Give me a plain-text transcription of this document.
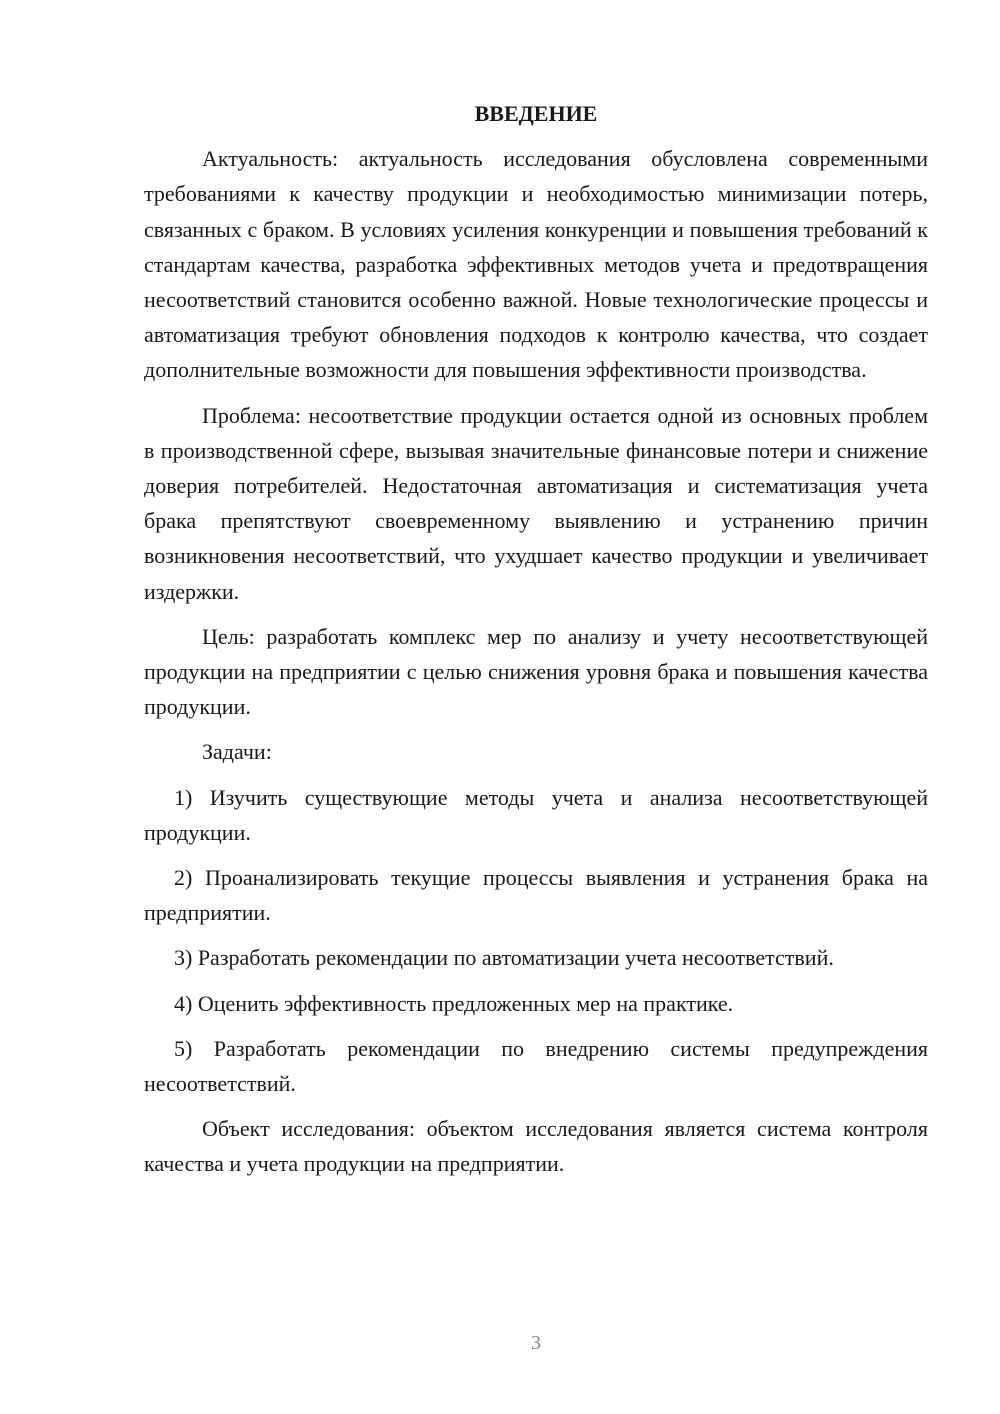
ВВЕДЕНИЕ

Актуальность: актуальность исследования обусловлена современными требованиями к качеству продукции и необходимостью минимизации потерь, связанных с браком. В условиях усиления конкуренции и повышения требований к стандартам качества, разработка эффективных методов учета и предотвращения несоответствий становится особенно важной. Новые технологические процессы и автоматизация требуют обновления подходов к контролю качества, что создает дополнительные возможности для повышения эффективности производства.

Проблема: несоответствие продукции остается одной из основных проблем в производственной сфере, вызывая значительные финансовые потери и снижение доверия потребителей. Недостаточная автоматизация и систематизация учета брака препятствуют своевременному выявлению и устранению причин возникновения несоответствий, что ухудшает качество продукции и увеличивает издержки.

Цель: разработать комплекс мер по анализу и учету несоответствующей продукции на предприятии с целью снижения уровня брака и повышения качества продукции.

Задачи:

1) Изучить существующие методы учета и анализа несоответствующей продукции.

2) Проанализировать текущие процессы выявления и устранения брака на предприятии.

3) Разработать рекомендации по автоматизации учета несоответствий.

4) Оценить эффективность предложенных мер на практике.

5) Разработать рекомендации по внедрению системы предупреждения несоответствий.

Объект исследования: объектом исследования является система контроля качества и учета продукции на предприятии.

3
